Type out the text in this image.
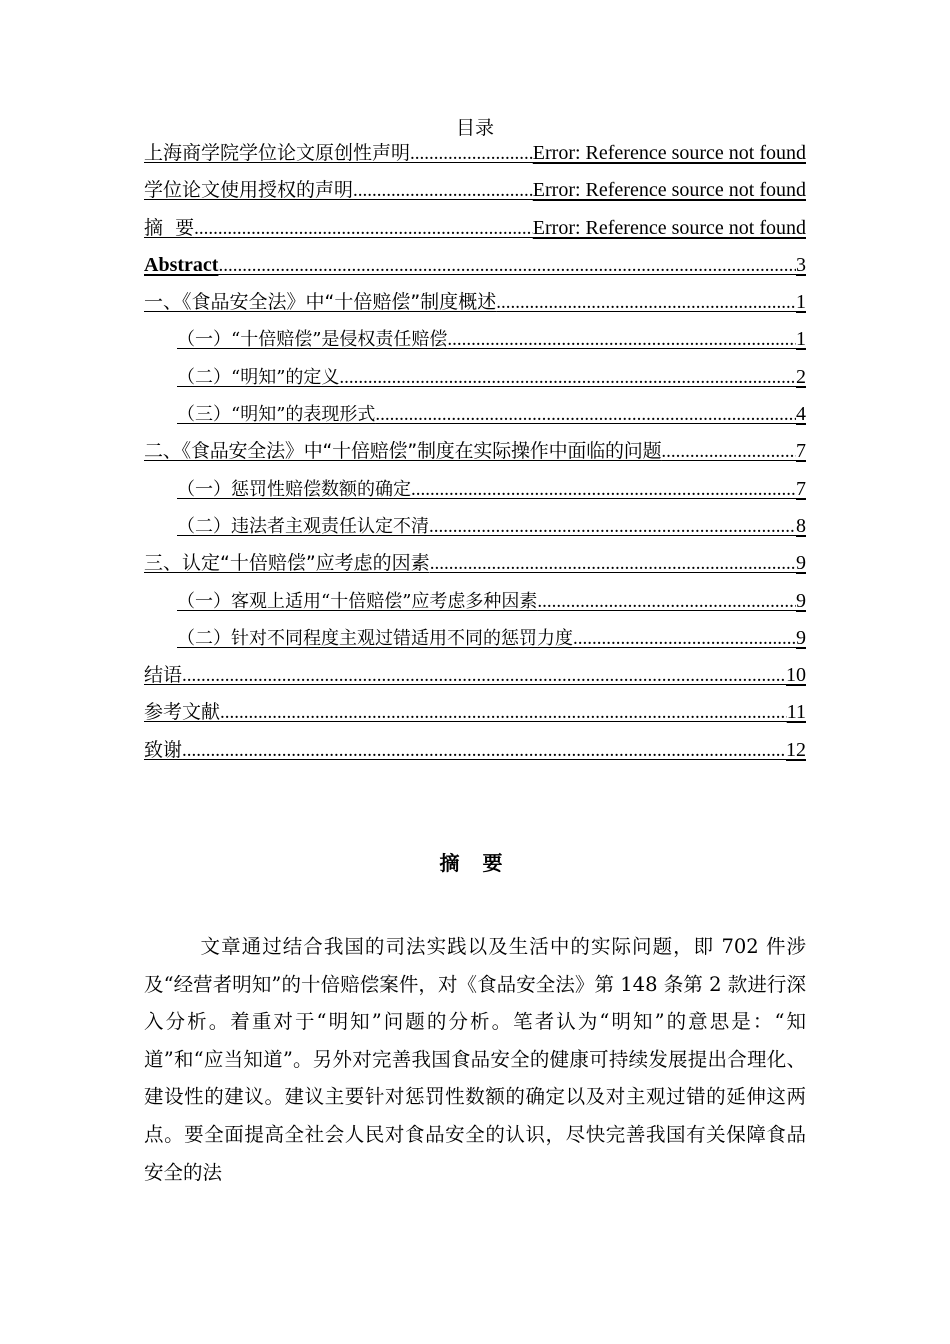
目录
上海商学院学位论文原创性声明 .....	Error: Reference source not found
学位论文使用授权的声明 .....	Error: Reference source not found
摘  要 .....	Error: Reference source not found
Abstract .....	3
一、《食品安全法》中“十倍赔偿”制度概述 .....	1
（一）“十倍赔偿”是侵权责任赔偿 .....	1
（二）“明知”的定义 .....	2
（三）“明知”的表现形式 .....	4
二、《食品安全法》中“十倍赔偿”制度在实际操作中面临的问题 .....	7
（一）惩罚性赔偿数额的确定 .....	7
（二）违法者主观责任认定不清 .....	8
三、认定“十倍赔偿”应考虑的因素 .....	9
（一）客观上适用“十倍赔偿”应考虑多种因素 .....	9
（二）针对不同程度主观过错适用不同的惩罚力度 .....	9
结语 .....	10
参考文献 .....	11
致谢 .....	12
摘 要

文章通过结合我国的司法实践以及生活中的实际问题，即 702 件涉及“经营者明知”的十倍赔偿案件，对《食品安全法》第 148 条第 2 款进行深入分析。着重对于“明知”问题的分析。笔者认为“明知”的意思是：“知道”和“应当知道”。另外对完善我国食品安全的健康可持续发展提出合理化、建设性的建议。建议主要针对惩罚性数额的确定以及对主观过错的延伸这两点。要全面提高全社会人民对食品安全的认识，尽快完善我国有关保障食品安全的法
